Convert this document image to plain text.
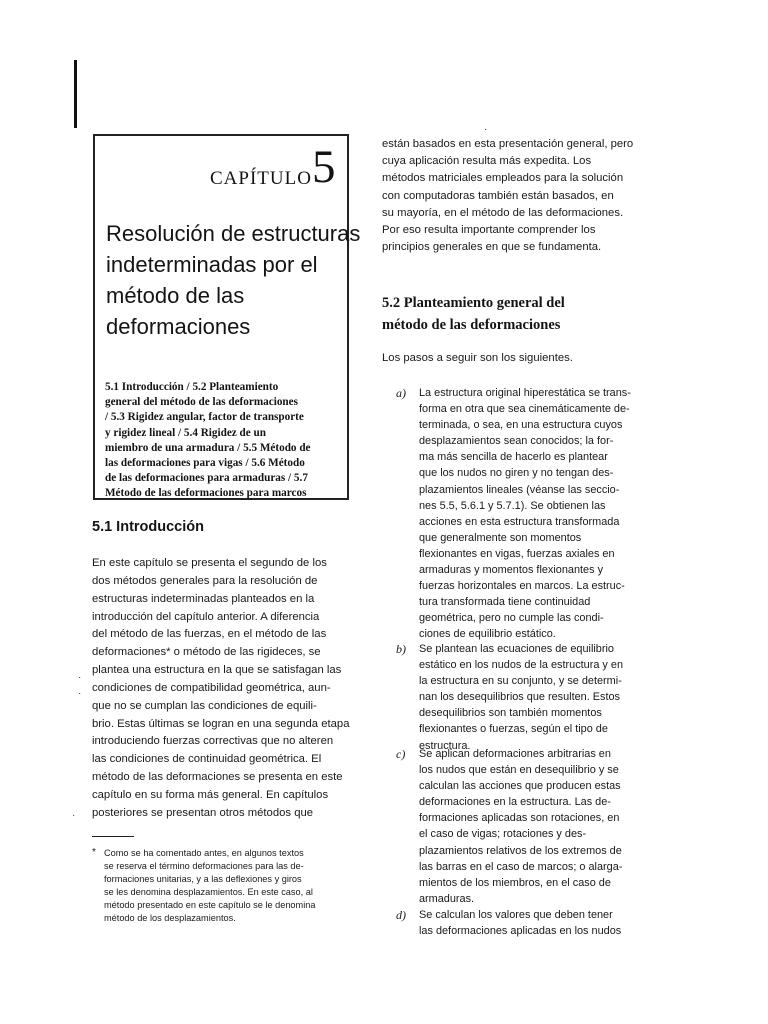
CAPÍTULO 5
Resolución de estructuras
indeterminadas por el
método de las
deformaciones
5.1 Introducción / 5.2 Planteamiento
general del método de las deformaciones
/ 5.3 Rigidez angular, factor de transporte
y rigidez lineal / 5.4 Rigidez de un
miembro de una armadura / 5.5 Método de
las deformaciones para vigas / 5.6 Método
de las deformaciones para armaduras / 5.7
Método de las deformaciones para marcos
5.1 Introducción
En este capítulo se presenta el segundo de los
dos métodos generales para la resolución de
estructuras indeterminadas planteados en la
introducción del capítulo anterior. A diferencia
del método de las fuerzas, en el método de las
deformaciones* o método de las rigideces, se
plantea una estructura en la que se satisfagan las
condiciones de compatibilidad geométrica, aun-
que no se cumplan las condiciones de equili-
brio. Estas últimas se logran en una segunda etapa
introduciendo fuerzas correctivas que no alteren
las condiciones de continuidad geométrica. El
método de las deformaciones se presenta en este
capítulo en su forma más general. En capítulos
posteriores se presentan otros métodos que
* Como se ha comentado antes, en algunos textos
se reserva el término deformaciones para las de-
formaciones unitarias, y a las deflexiones y giros
se les denomina desplazamientos. En este caso, al
método presentado en este capítulo se le denomina
método de los desplazamientos.
están basados en esta presentación general, pero
cuya aplicación resulta más expedita. Los
métodos matriciales empleados para la solución
con computadoras también están basados, en
su mayoría, en el método de las deformaciones.
Por eso resulta importante comprender los
principios generales en que se fundamenta.
5.2 Planteamiento general del
método de las deformaciones
Los pasos a seguir son los siguientes.
a) La estructura original hiperestática se trans-
forma en otra que sea cinemáticamente de-
terminada, o sea, en una estructura cuyos
desplazamientos sean conocidos; la for-
ma más sencilla de hacerlo es plantear
que los nudos no giren y no tengan des-
plazamientos lineales (véanse las seccio-
nes 5.5, 5.6.1 y 5.7.1). Se obtienen las
acciones en esta estructura transformada
que generalmente son momentos
flexionantes en vigas, fuerzas axiales en
armaduras y momentos flexionantes y
fuerzas horizontales en marcos. La estruc-
tura transformada tiene continuidad
geométrica, pero no cumple las condi-
ciones de equilibrio estático.
b) Se plantean las ecuaciones de equilibrio
estático en los nudos de la estructura y en
la estructura en su conjunto, y se determi-
nan los desequilibrios que resulten. Estos
desequilibrios son también momentos
flexionantes o fuerzas, según el tipo de
estructura.
c) Se aplican deformaciones arbitrarias en
los nudos que están en desequilibrio y se
calculan las acciones que producen estas
deformaciones en la estructura. Las de-
formaciones aplicadas son rotaciones, en
el caso de vigas; rotaciones y des-
plazamientos relativos de los extremos de
las barras en el caso de marcos; o alarga-
mientos de los miembros, en el caso de
armaduras.
d) Se calculan los valores que deben tener
las deformaciones aplicadas en los nudos
·
·
·
·
